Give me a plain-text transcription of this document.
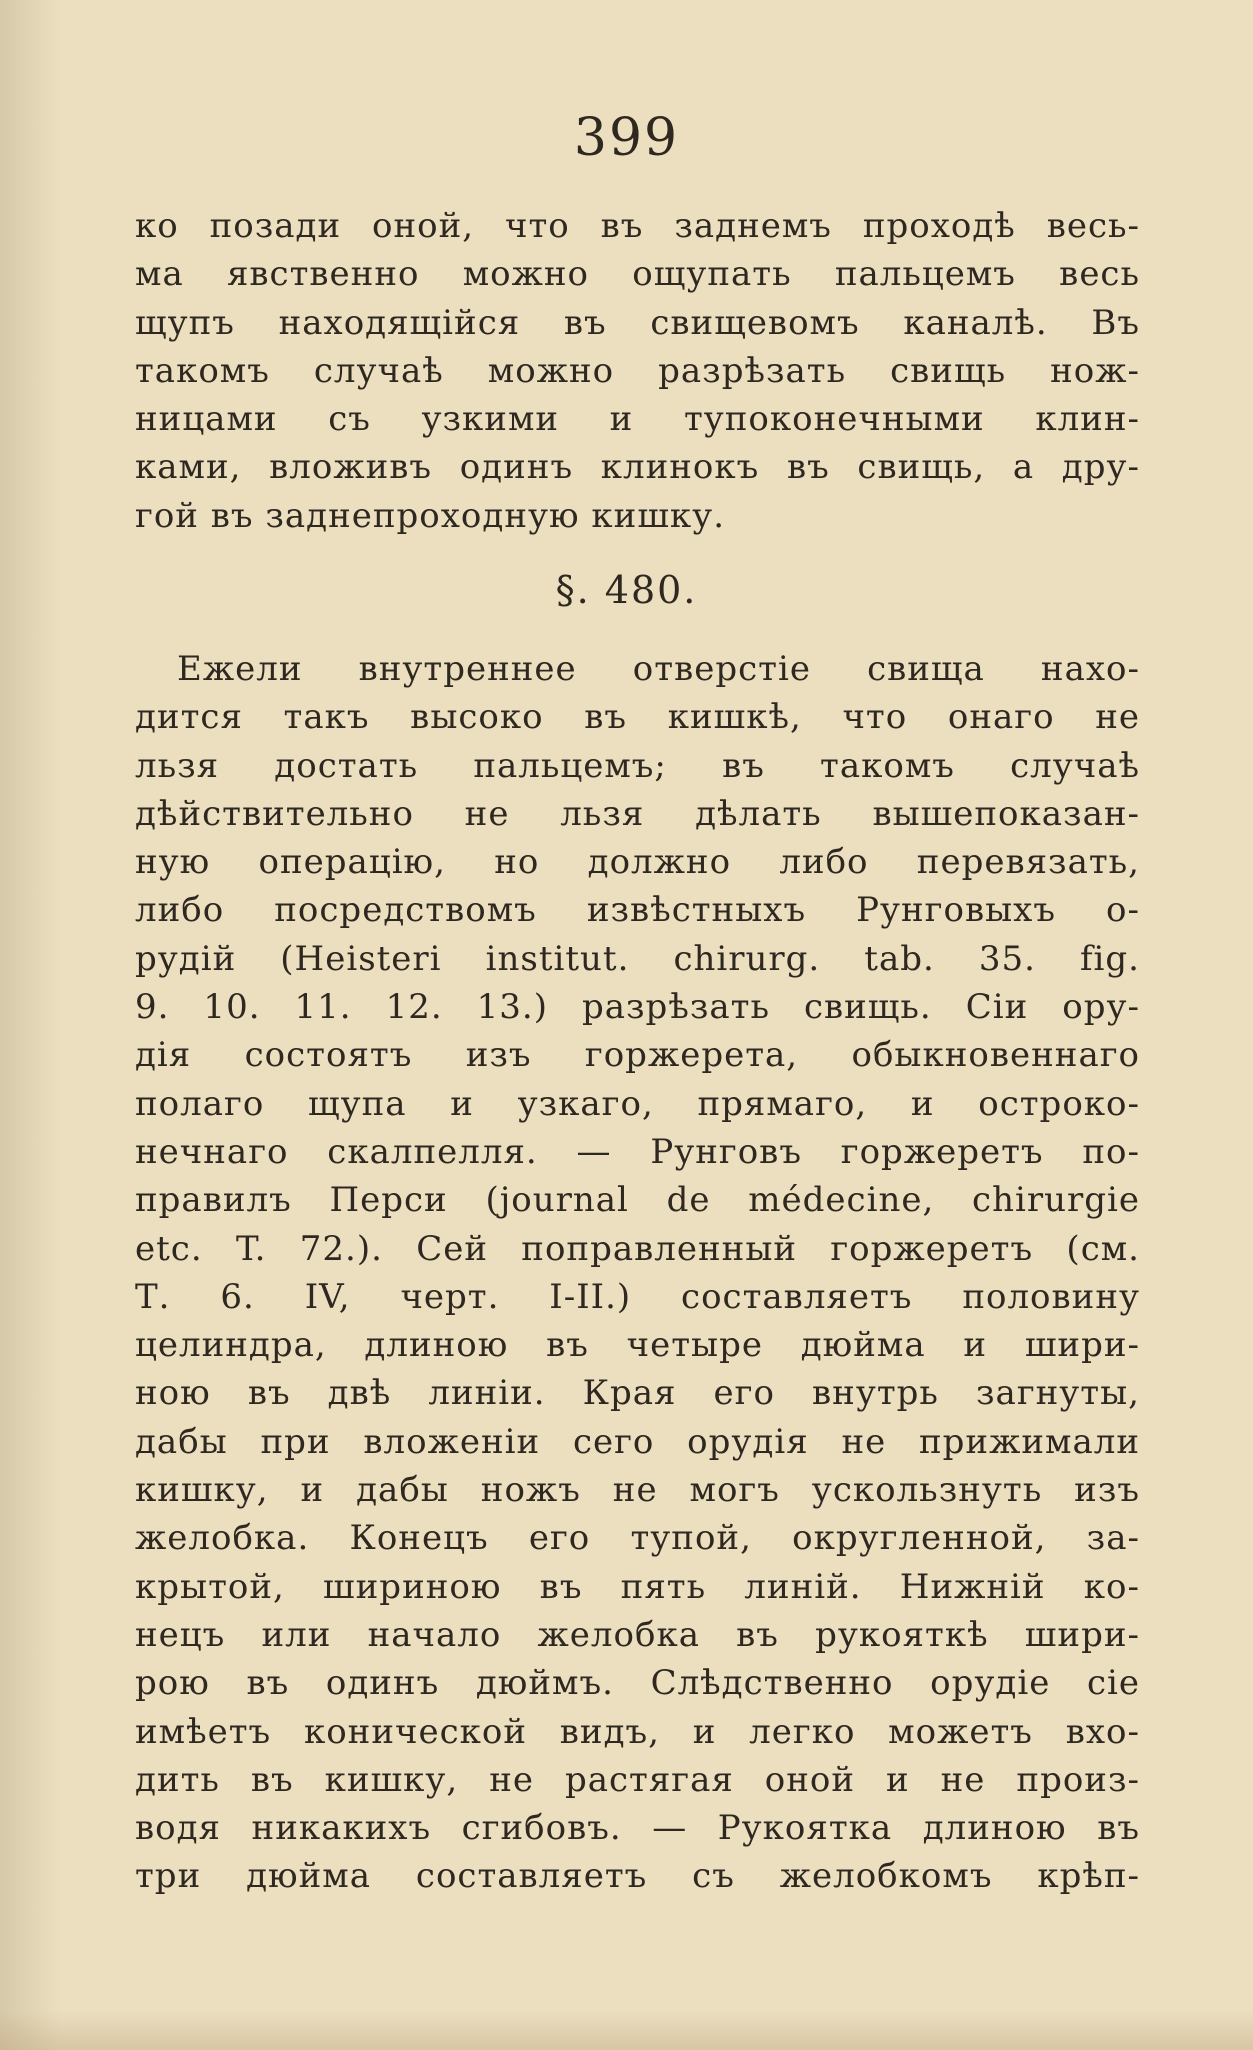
399
ко позади оной, что въ заднемъ проходѣ весь-
ма явственно можно ощупать пальцемъ весь
щупъ находящійся въ свищевомъ каналѣ. Въ
такомъ случаѣ можно разрѣзать свищь нож-
ницами съ узкими и тупоконечными клин-
ками, вложивъ одинъ клинокъ въ свищь, а дру-
гой въ заднепроходную кишку.
§. 480.
Ежели внутреннее отверстіе свища нахо-
дится такъ высоко въ кишкѣ, что онаго не
льзя достать пальцемъ; въ такомъ случаѣ
дѣйствительно не льзя дѣлать вышепоказан-
ную операцію, но должно либо перевязать,
либо посредствомъ извѣстныхъ Рунговыхъ о-
рудій (Heisteri institut. chirurg. tab. 35. fig.
9. 10. 11. 12. 13.) разрѣзать свищь. Сіи ору-
дія состоятъ изъ горжерета, обыкновеннаго
полаго щупа и узкаго, прямаго, и остроко-
нечнаго скалпелля. — Рунговъ горжеретъ по-
правилъ Перси (journal de médecine, chirurgie
etc. T. 72.). Сей поправленный горжеретъ (см.
Т. 6. IV, черт. I-II.) составляетъ половину
целиндра, длиною въ четыре дюйма и шири-
ною въ двѣ линіи. Края его внутрь загнуты,
дабы при вложеніи сего орудія не прижимали
кишку, и дабы ножъ не могъ ускользнуть изъ
желобка. Конецъ его тупой, округленной, за-
крытой, шириною въ пять линій. Нижній ко-
нецъ или начало желобка въ рукояткѣ шири-
рою въ одинъ дюймъ. Слѣдственно орудіе сіе
имѣетъ конической видъ, и легко можетъ вхо-
дить въ кишку, не растягая оной и не произ-
водя никакихъ сгибовъ. — Рукоятка длиною въ
три дюйма составляетъ съ желобкомъ крѣп-
